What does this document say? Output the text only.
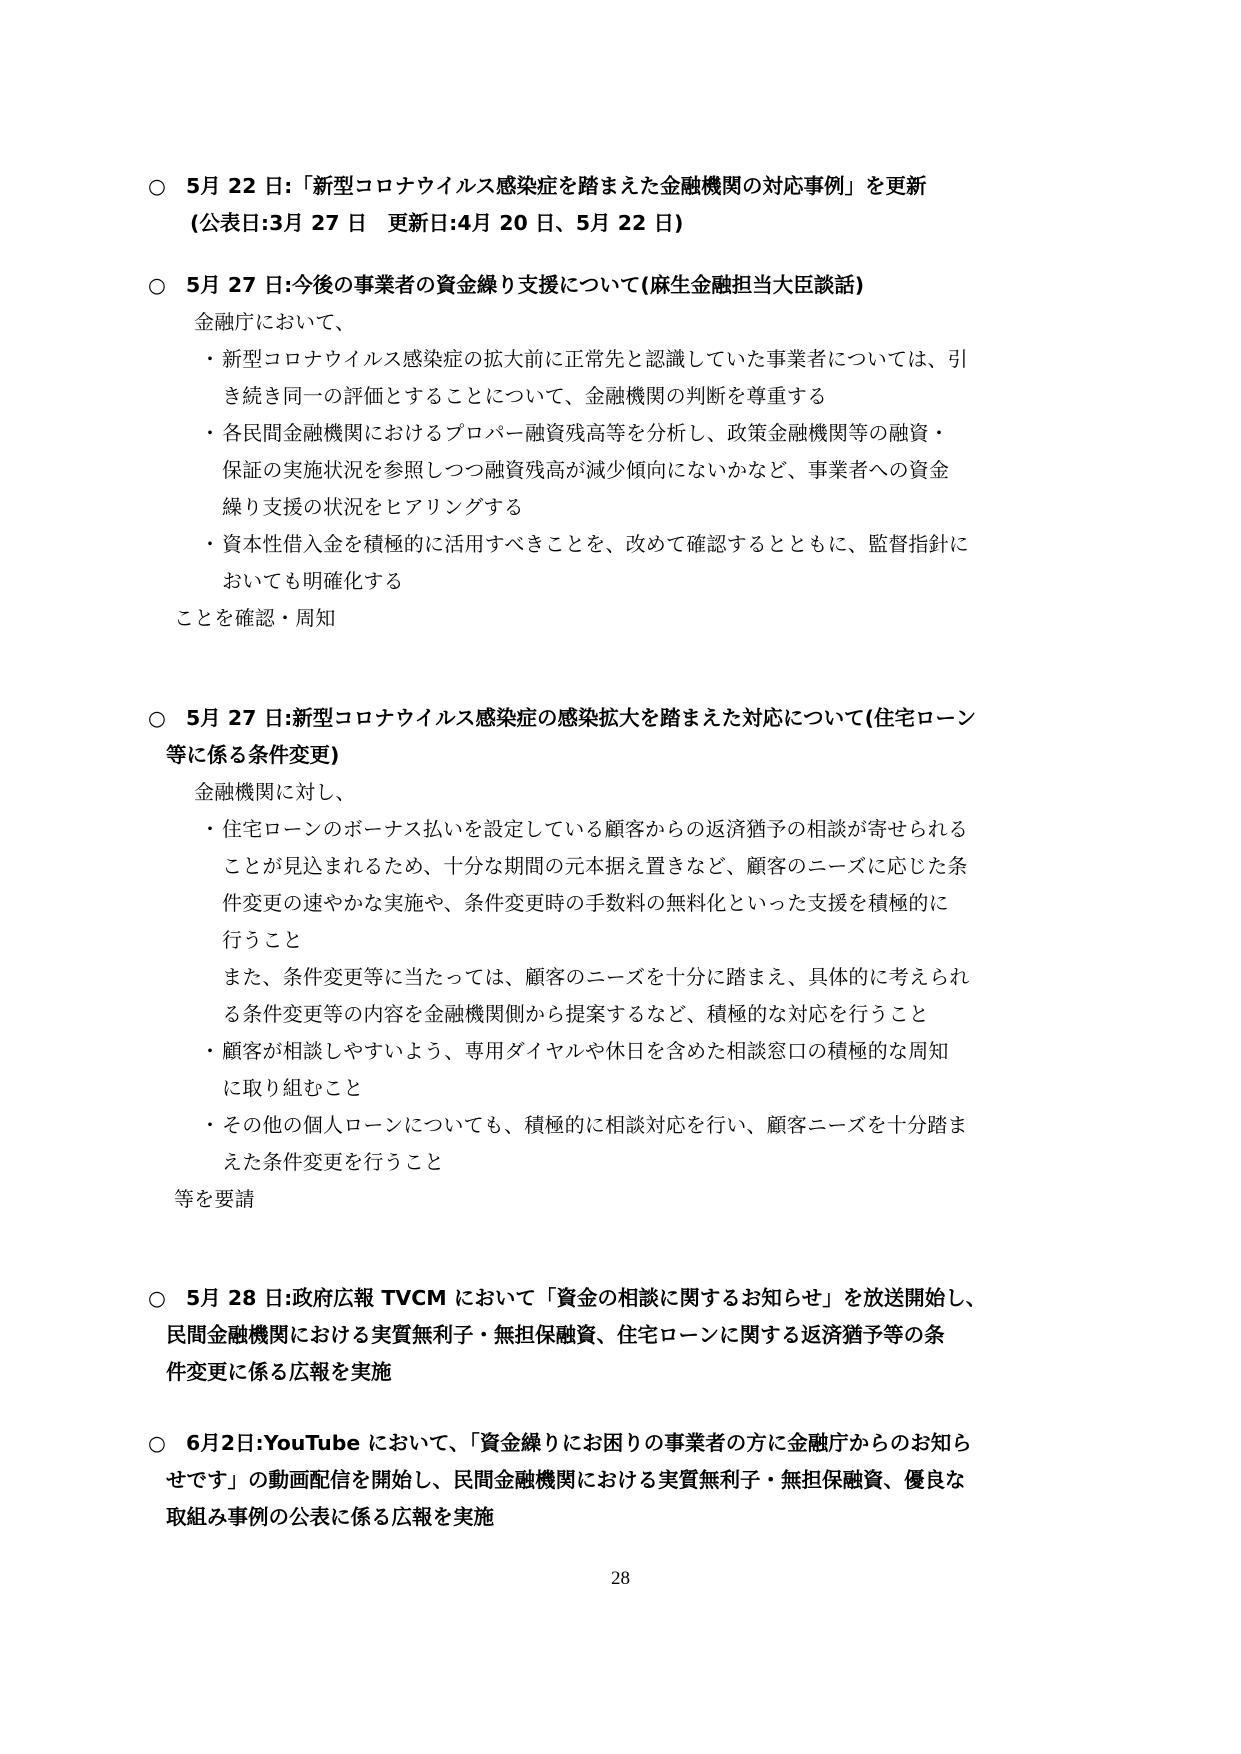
○ 5月 22 日:「新型コロナウイルス感染症を踏まえた金融機関の対応事例」を更新
(公表日:3月 27 日　更新日:4月 20 日、5月 22 日)
○ 5月 27 日:今後の事業者の資金繰り支援について(麻生金融担当大臣談話)
金融庁において、
・ 新型コロナウイルス感染症の拡大前に正常先と認識していた事業者については、引
き続き同一の評価とすることについて、金融機関の判断を尊重する
・ 各民間金融機関におけるプロパー融資残高等を分析し、政策金融機関等の融資・
保証の実施状況を参照しつつ融資残高が減少傾向にないかなど、事業者への資金
繰り支援の状況をヒアリングする
・ 資本性借入金を積極的に活用すべきことを、改めて確認するとともに、監督指針に
おいても明確化する
ことを確認・周知
○ 5月 27 日:新型コロナウイルス感染症の感染拡大を踏まえた対応について(住宅ローン
等に係る条件変更)
金融機関に対し、
・ 住宅ローンのボーナス払いを設定している顧客からの返済猶予の相談が寄せられる
ことが見込まれるため、十分な期間の元本据え置きなど、顧客のニーズに応じた条
件変更の速やかな実施や、条件変更時の手数料の無料化といった支援を積極的に
行うこと
また、条件変更等に当たっては、顧客のニーズを十分に踏まえ、具体的に考えられ
る条件変更等の内容を金融機関側から提案するなど、積極的な対応を行うこと
・ 顧客が相談しやすいよう、専用ダイヤルや休日を含めた相談窓口の積極的な周知
に取り組むこと
・ その他の個人ローンについても、積極的に相談対応を行い、顧客ニーズを十分踏ま
えた条件変更を行うこと
等を要請
○ 5月 28 日:政府広報 TVCM において「資金の相談に関するお知らせ」を放送開始し、
民間金融機関における実質無利子・無担保融資、住宅ローンに関する返済猶予等の条
件変更に係る広報を実施
○ 6月2日:YouTube において、「資金繰りにお困りの事業者の方に金融庁からのお知ら
せです」の動画配信を開始し、民間金融機関における実質無利子・無担保融資、優良な
取組み事例の公表に係る広報を実施
28
